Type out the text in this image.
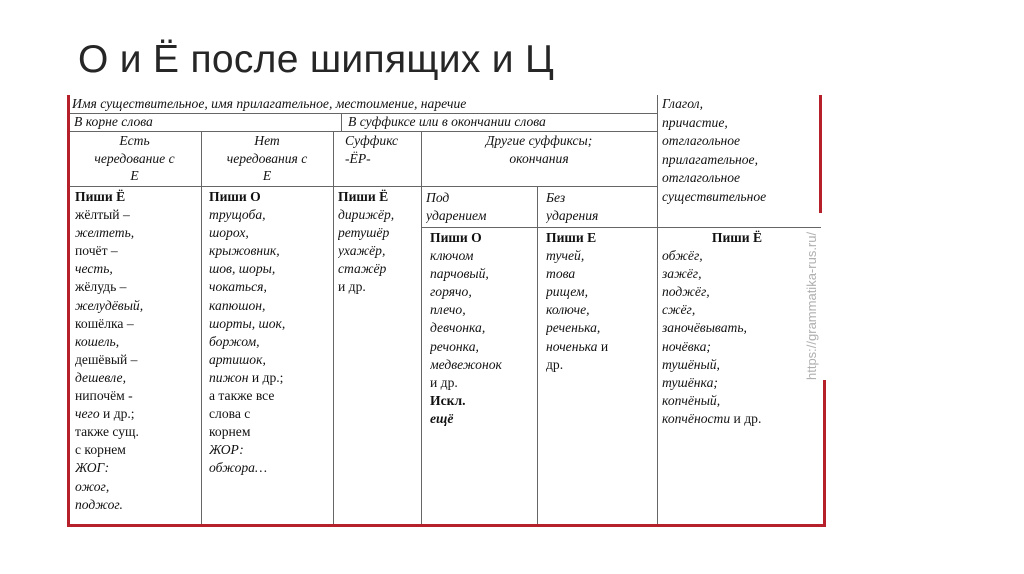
О и Ё после шипящих и Ц
Имя существительное, имя прилагательное, местоимение, наречие
В корне слова	В суффиксе или в окончании слова
Есть
чередование с
Е
Нет
чередования с
Е
Суффикс
-ЁР-
Другие суффиксы;
окончания
Под
ударением
Без
ударения
Глагол,
причастие,
отглагольное
прилагательное,
отглагольное
существительное
Пиши Ё
жёлтый –
желтеть,
почёт –
честь,
жёлудь –
желудёвый,
кошёлка –
кошель,
дешёвый –
дешевле,
нипочём -
чего и др.;
также сущ.
с корнем
ЖОГ:
ожог,
поджог.
Пиши О
трущоба,
шорох,
крыжовник,
шов, шоры,
чокаться,
капюшон,
шорты, шок,
боржом,
артишок,
пижон и др.;
а также все
слова с
корнем
ЖОР:
обжора…
Пиши Ё
дирижёр,
ретушёр
ухажёр,
стажёр
и др.
Пиши О
ключом
парчовый,
горячо,
плечо,
девчонка,
речонка,
медвежонок
и др.
Искл.
ещё
Пиши Е
тучей,
това
рищем,
колюче,
реченька,
ноченька и
др.
Пиши Ё
обжёг,
зажёг,
поджёг,
сжёг,
заночёвывать,
ночёвка;
тушёный,
тушёнка;
копчёный,
копчёности и др.
https://grammatika-rus.ru/
